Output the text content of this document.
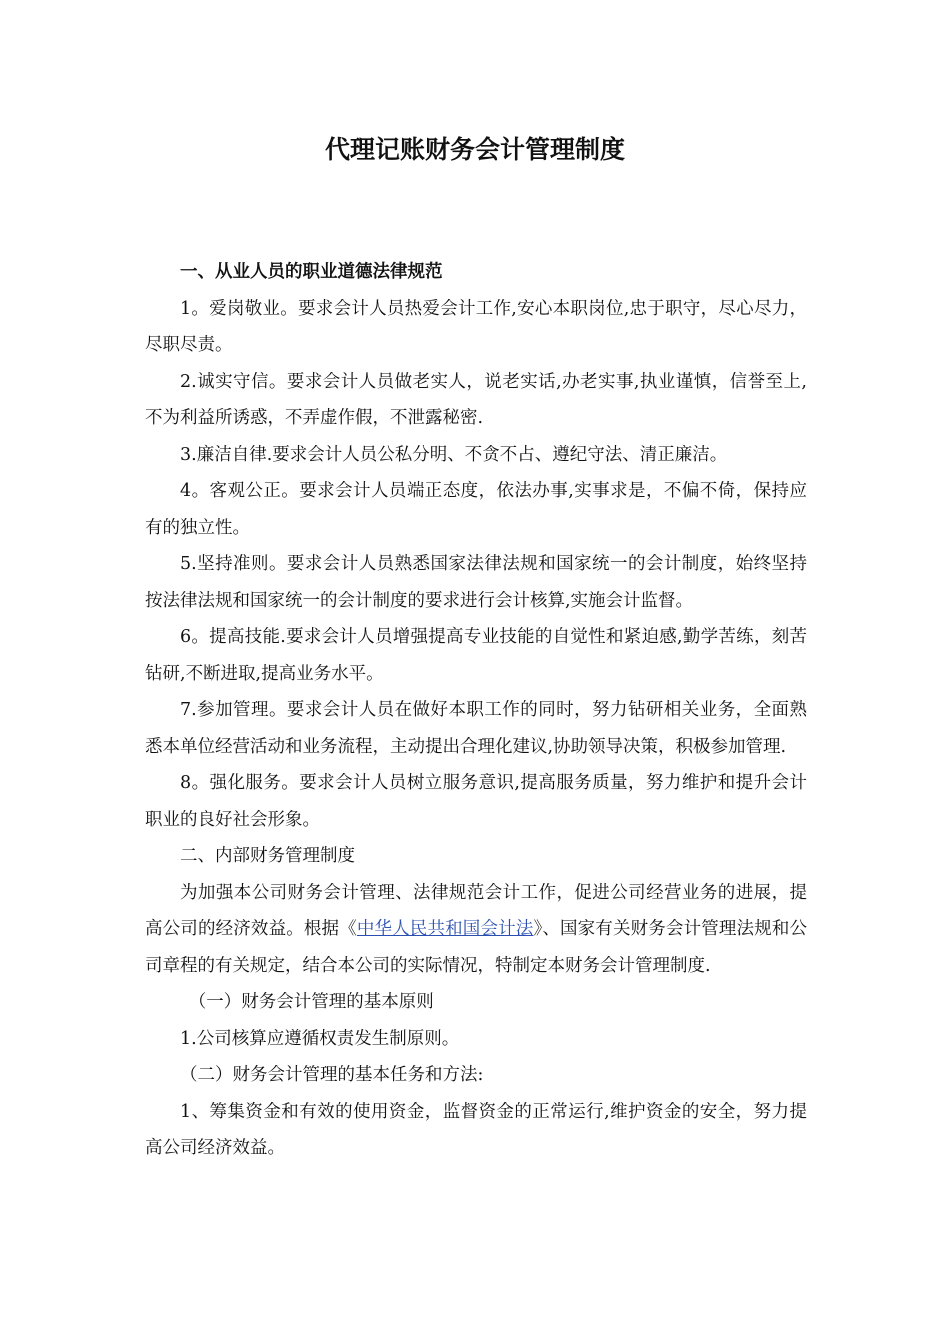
代理记账财务会计管理制度

一、从业人员的职业道德法律规范

1。爱岗敬业。要求会计人员热爱会计工作,安心本职岗位,忠于职守，尽心尽力，尽职尽责。

2.诚实守信。要求会计人员做老实人，说老实话,办老实事,执业谨慎，信誉至上,不为利益所诱惑，不弄虚作假，不泄露秘密.

3.廉洁自律.要求会计人员公私分明、不贪不占、遵纪守法、清正廉洁。

4。客观公正。要求会计人员端正态度，依法办事,实事求是，不偏不倚，保持应有的独立性。

5.坚持准则。要求会计人员熟悉国家法律法规和国家统一的会计制度，始终坚持按法律法规和国家统一的会计制度的要求进行会计核算,实施会计监督。

6。提高技能.要求会计人员增强提高专业技能的自觉性和紧迫感,勤学苦练，刻苦钻研,不断进取,提高业务水平。

7.参加管理。要求会计人员在做好本职工作的同时，努力钻研相关业务，全面熟悉本单位经营活动和业务流程，主动提出合理化建议,协助领导决策，积极参加管理.

8。强化服务。要求会计人员树立服务意识,提高服务质量，努力维护和提升会计职业的良好社会形象。

二、内部财务管理制度

为加强本公司财务会计管理、法律规范会计工作，促进公司经营业务的进展，提高公司的经济效益。根据《中华人民共和国会计法》、国家有关财务会计管理法规和公司章程的有关规定，结合本公司的实际情况，特制定本财务会计管理制度.

（一）财务会计管理的基本原则

1.公司核算应遵循权责发生制原则。

（二）财务会计管理的基本任务和方法:

1、筹集资金和有效的使用资金，监督资金的正常运行,维护资金的安全，努力提高公司经济效益。
